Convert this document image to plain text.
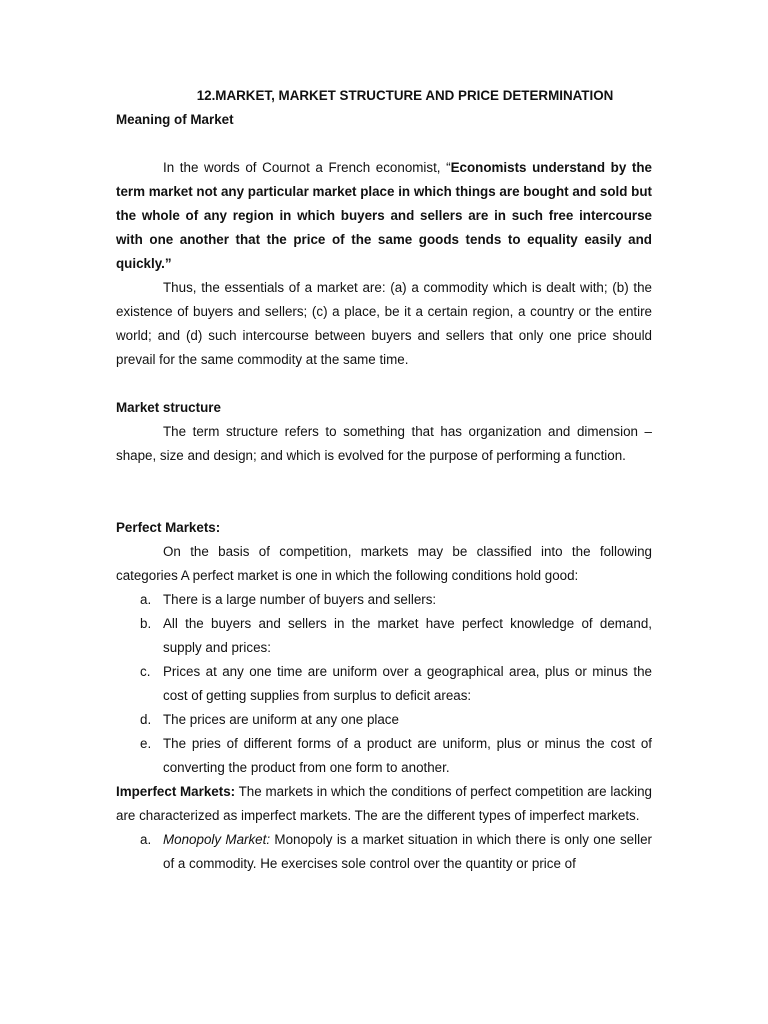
12.MARKET, MARKET STRUCTURE AND PRICE DETERMINATION

Meaning of Market

In the words of Cournot a French economist, “Economists understand by the term market not any particular market place in which things are bought and sold but the whole of any region in which buyers and sellers are in such free intercourse with one another that the price of the same goods tends to equality easily and quickly.”

Thus, the essentials of a market are: (a) a commodity which is dealt with; (b) the existence of buyers and sellers; (c) a place, be it a certain region, a country or the entire world; and (d) such intercourse between buyers and sellers that only one price should prevail for the same commodity at the same time.

Market structure

The term structure refers to something that has organization and dimension – shape, size and design; and which is evolved for the purpose of performing a function.

Perfect Markets:

On the basis of competition, markets may be classified into the following categories A perfect market is one in which the following conditions hold good:

a. There is a large number of buyers and sellers:
b. All the buyers and sellers in the market have perfect knowledge of demand, supply and prices:
c. Prices at any one time are uniform over a geographical area, plus or minus the cost of getting supplies from surplus to deficit areas:
d. The prices are uniform at any one place
e. The pries of different forms of a product are uniform, plus or minus the cost of converting the product from one form to another.

Imperfect Markets: The markets in which the conditions of perfect competition are lacking are characterized as imperfect markets. The are the different types of imperfect markets.

a. Monopoly Market: Monopoly is a market situation in which there is only one seller of a commodity. He exercises sole control over the quantity or price of
